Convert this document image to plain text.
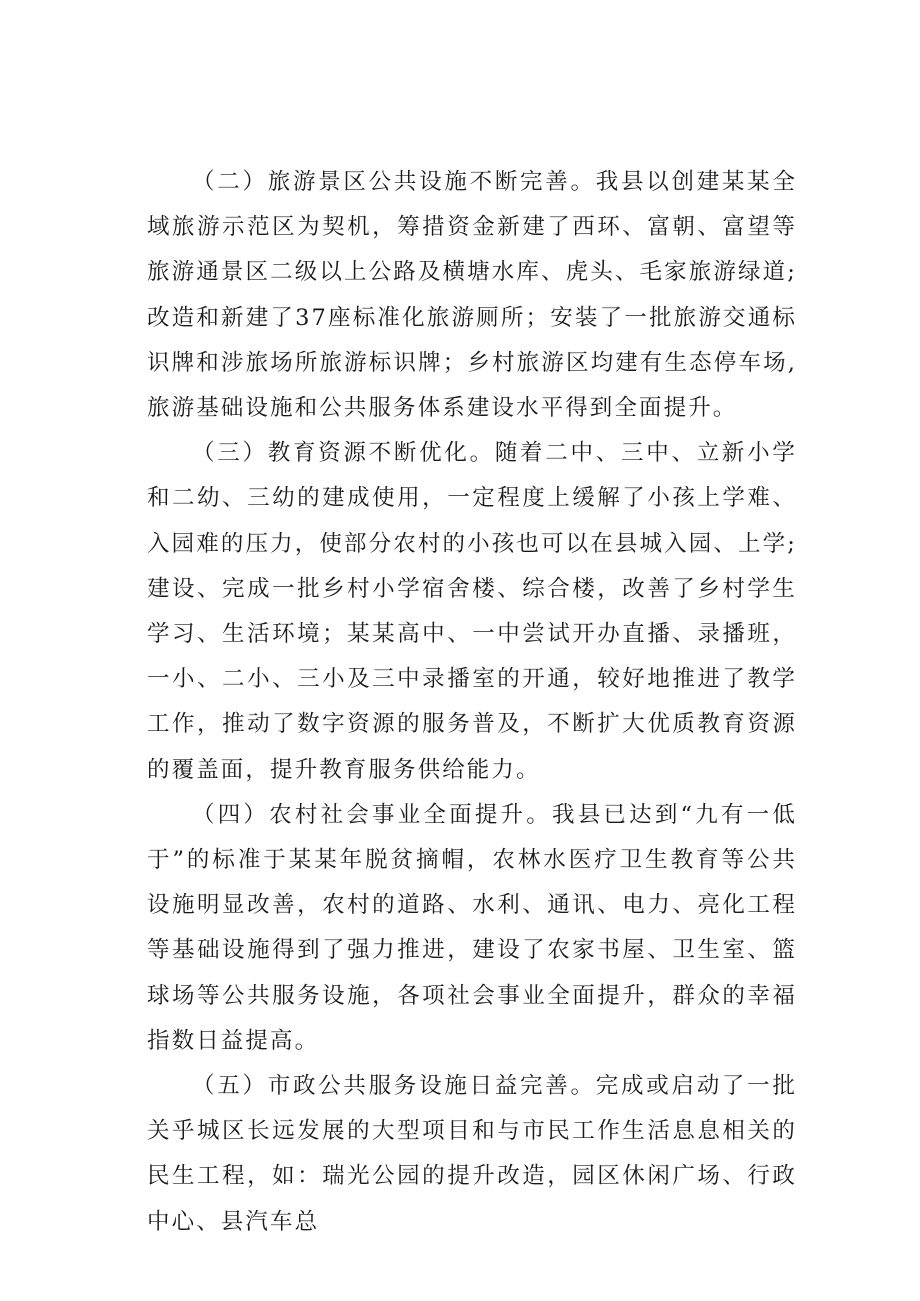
（二）旅游景区公共设施不断完善。我县以创建某某全域旅游示范区为契机，筹措资金新建了西环、富朝、富望等旅游通景区二级以上公路及横塘水库、虎头、毛家旅游绿道;改造和新建了37座标准化旅游厕所；安装了一批旅游交通标识牌和涉旅场所旅游标识牌；乡村旅游区均建有生态停车场,旅游基础设施和公共服务体系建设水平得到全面提升。

（三）教育资源不断优化。随着二中、三中、立新小学和二幼、三幼的建成使用，一定程度上缓解了小孩上学难、入园难的压力，使部分农村的小孩也可以在县城入园、上学;建设、完成一批乡村小学宿舍楼、综合楼，改善了乡村学生学习、生活环境；某某高中、一中尝试开办直播、录播班，一小、二小、三小及三中录播室的开通，较好地推进了教学工作，推动了数字资源的服务普及，不断扩大优质教育资源的覆盖面，提升教育服务供给能力。

（四）农村社会事业全面提升。我县已达到“九有一低于”的标准于某某年脱贫摘帽，农林水医疗卫生教育等公共设施明显改善，农村的道路、水利、通讯、电力、亮化工程等基础设施得到了强力推进，建设了农家书屋、卫生室、篮球场等公共服务设施，各项社会事业全面提升，群众的幸福指数日益提高。

（五）市政公共服务设施日益完善。完成或启动了一批关乎城区长远发展的大型项目和与市民工作生活息息相关的民生工程，如：瑞光公园的提升改造，园区休闲广场、行政中心、县汽车总
